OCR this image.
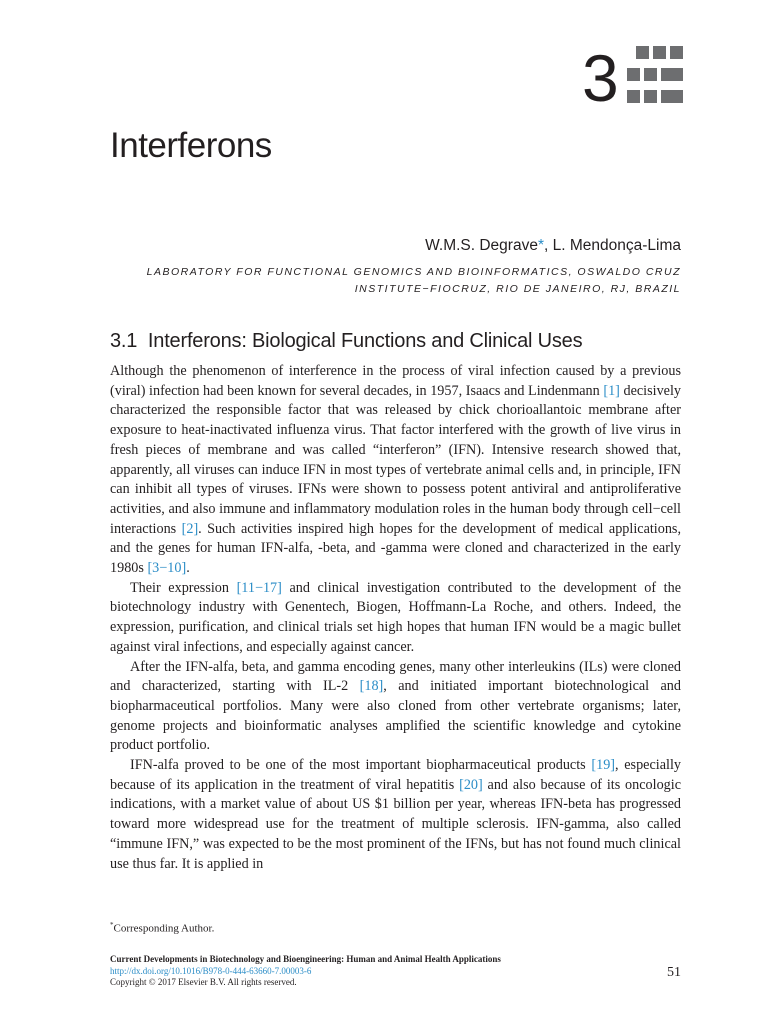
3
Interferons
W.M.S. Degrave*, L. Mendonça-Lima
LABORATORY FOR FUNCTIONAL GENOMICS AND BIOINFORMATICS, OSWALDO CRUZ
INSTITUTE−FIOCRUZ, RIO DE JANEIRO, RJ, BRAZIL
3.1 Interferons: Biological Functions and Clinical Uses

Although the phenomenon of interference in the process of viral infection caused by a previous (viral) infection had been known for several decades, in 1957, Isaacs and Lindenmann [1] decisively characterized the responsible factor that was released by chick chorioallantoic membrane after exposure to heat-inactivated influenza virus. That factor interfered with the growth of live virus in fresh pieces of membrane and was called “interferon” (IFN). Intensive research showed that, apparently, all viruses can induce IFN in most types of vertebrate animal cells and, in principle, IFN can inhibit all types of viruses. IFNs were shown to possess potent antiviral and antiproliferative activities, and also immune and inflammatory modulation roles in the human body through cell−cell interactions [2]. Such activities inspired high hopes for the development of medical applications, and the genes for human IFN-alfa, -beta, and -gamma were cloned and characterized in the early 1980s [3−10].

Their expression [11−17] and clinical investigation contributed to the development of the biotechnology industry with Genentech, Biogen, Hoffmann-La Roche, and others. Indeed, the expression, purification, and clinical trials set high hopes that human IFN would be a magic bullet against viral infections, and especially against cancer.

After the IFN-alfa, beta, and gamma encoding genes, many other interleukins (ILs) were cloned and characterized, starting with IL-2 [18], and initiated important biotechnological and biopharmaceutical portfolios. Many were also cloned from other vertebrate organisms; later, genome projects and bioinformatic analyses amplified the scientific knowledge and cytokine product portfolio.

IFN-alfa proved to be one of the most important biopharmaceutical products [19], especially because of its application in the treatment of viral hepatitis [20] and also because of its oncologic indications, with a market value of about US $1 billion per year, whereas IFN-beta has progressed toward more widespread use for the treatment of multiple sclerosis. IFN-gamma, also called “immune IFN,” was expected to be the most prominent of the IFNs, but has not found much clinical use thus far. It is applied in

*Corresponding Author.
Current Developments in Biotechnology and Bioengineering: Human and Animal Health Applications
http://dx.doi.org/10.1016/B978-0-444-63660-7.00003-6
Copyright © 2017 Elsevier B.V. All rights reserved.
51
